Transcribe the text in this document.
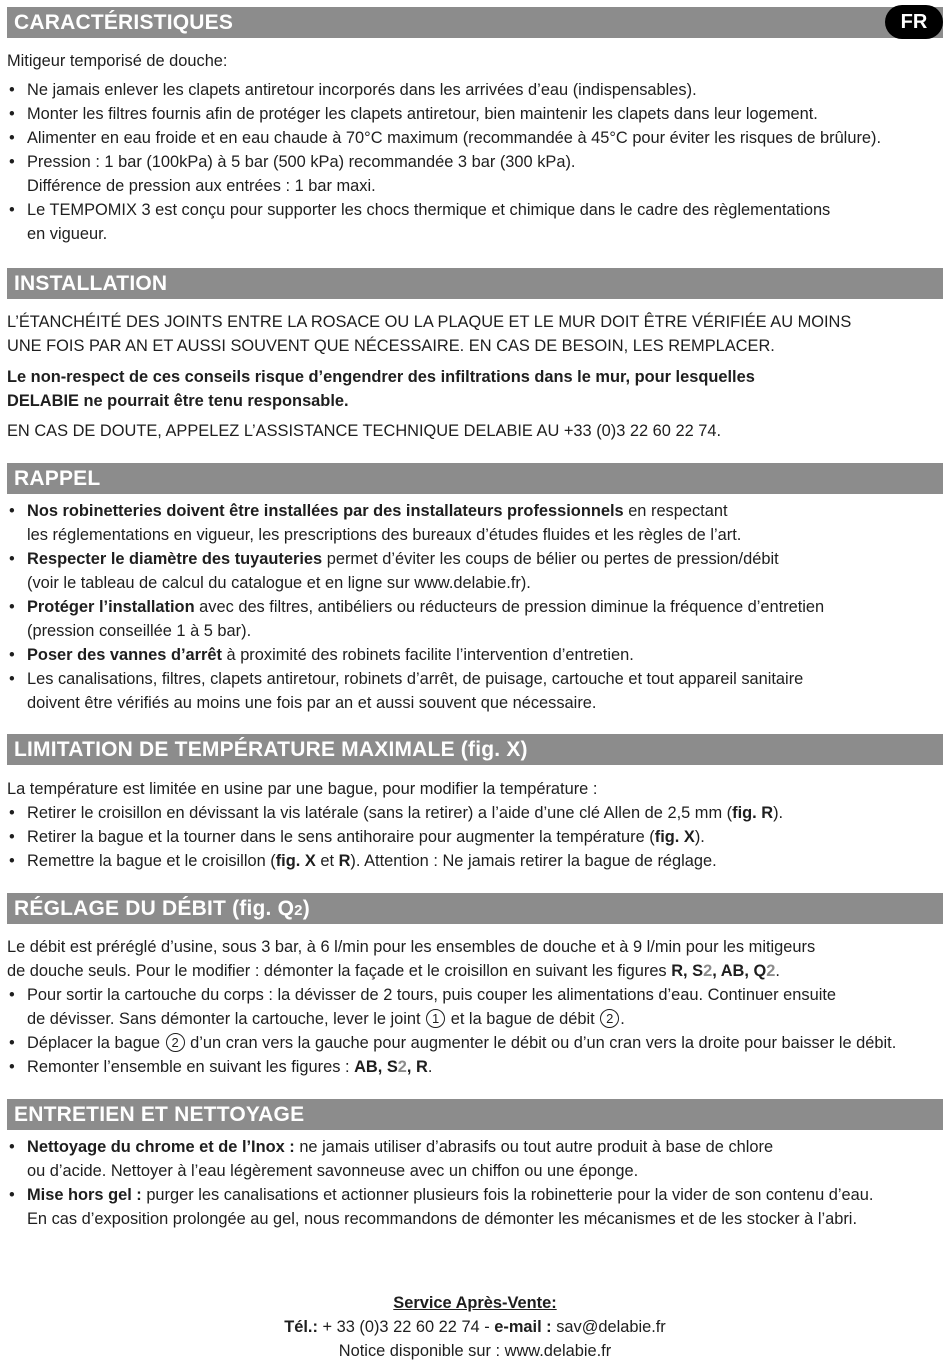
CARACTÉRISTIQUES	FR

Mitigeur temporisé de douche:

• Ne jamais enlever les clapets antiretour incorporés dans les arrivées d’eau (indispensables).

• Monter les filtres fournis afin de protéger les clapets antiretour, bien maintenir les clapets dans leur logement.

• Alimenter en eau froide et en eau chaude à 70°C maximum (recommandée à 45°C pour éviter les risques de brûlure).

• Pression : 1 bar (100kPa) à 5 bar (500 kPa) recommandée 3 bar (300 kPa).

Différence de pression aux entrées : 1 bar maxi.

• Le TEMPOMIX 3 est conçu pour supporter les chocs thermique et chimique dans le cadre des règlementations

en vigueur.

INSTALLATION

L’ÉTANCHÉITÉ DES JOINTS ENTRE LA ROSACE OU LA PLAQUE ET LE MUR DOIT ÊTRE VÉRIFIÉE AU MOINS

UNE FOIS PAR AN ET AUSSI SOUVENT QUE NÉCESSAIRE. EN CAS DE BESOIN, LES REMPLACER.

Le non-respect de ces conseils risque d’engendrer des infiltrations dans le mur, pour lesquelles

DELABIE ne pourrait être tenu responsable.

EN CAS DE DOUTE, APPELEZ L’ASSISTANCE TECHNIQUE DELABIE AU +33 (0)3 22 60 22 74.

RAPPEL

• Nos robinetteries doivent être installées par des installateurs professionnels en respectant

les réglementations en vigueur, les prescriptions des bureaux d’études fluides et les règles de l’art.

• Respecter le diamètre des tuyauteries permet d’éviter les coups de bélier ou pertes de pression/débit

(voir le tableau de calcul du catalogue et en ligne sur www.delabie.fr).

• Protéger l’installation avec des filtres, antibéliers ou réducteurs de pression diminue la fréquence d’entretien

(pression conseillée 1 à 5 bar).

• Poser des vannes d’arrêt à proximité des robinets facilite l’intervention d’entretien.

• Les canalisations, filtres, clapets antiretour, robinets d’arrêt, de puisage, cartouche et tout appareil sanitaire

doivent être vérifiés au moins une fois par an et aussi souvent que nécessaire.

LIMITATION DE TEMPÉRATURE MAXIMALE (fig. X)

La température est limitée en usine par une bague, pour modifier la température :

• Retirer le croisillon en dévissant la vis latérale (sans la retirer) a l’aide d’une clé Allen de 2,5 mm (fig. R).

• Retirer la bague et la tourner dans le sens antihoraire pour augmenter la température (fig. X).

• Remettre la bague et le croisillon (fig. X et R). Attention : Ne jamais retirer la bague de réglage.

RÉGLAGE DU DÉBIT (fig. Q2)

Le débit est préréglé d’usine, sous 3 bar, à 6 l/min pour les ensembles de douche et à 9 l/min pour les mitigeurs

de douche seuls. Pour le modifier : démonter la façade et le croisillon en suivant les figures R, S2, AB, Q2.

• Pour sortir la cartouche du corps : la dévisser de 2 tours, puis couper les alimentations d’eau. Continuer ensuite

de dévisser. Sans démonter la cartouche, lever le joint 1 et la bague de débit 2 .

• Déplacer la bague 2 d’un cran vers la gauche pour augmenter le débit ou d’un cran vers la droite pour baisser le débit.

• Remonter l’ensemble en suivant les figures : AB, S2, R.

ENTRETIEN ET NETTOYAGE

• Nettoyage du chrome et de l’Inox : ne jamais utiliser d’abrasifs ou tout autre produit à base de chlore

ou d’acide. Nettoyer à l’eau légèrement savonneuse avec un chiffon ou une éponge.

• Mise hors gel : purger les canalisations et actionner plusieurs fois la robinetterie pour la vider de son contenu d’eau.

En cas d’exposition prolongée au gel, nous recommandons de démonter les mécanismes et de les stocker à l’abri.

Service Après-Vente:
Tél.: + 33 (0)3 22 60 22 74 - e-mail : sav@delabie.fr
Notice disponible sur : www.delabie.fr
